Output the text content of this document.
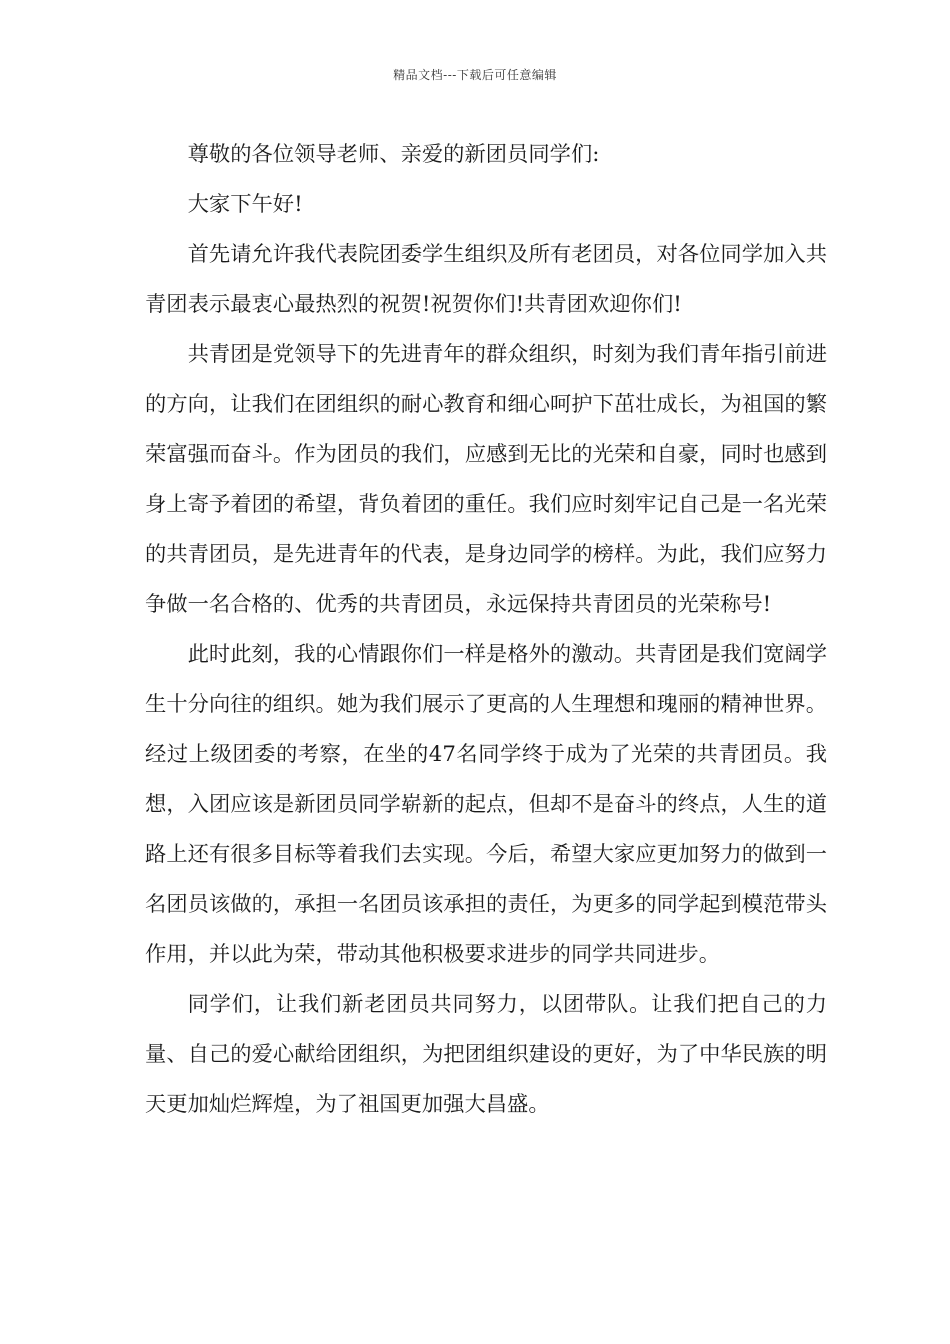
精品文档---下载后可任意编辑

尊敬的各位领导老师、亲爱的新团员同学们:

大家下午好!

首先请允许我代表院团委学生组织及所有老团员，对各位同学加入共青团表示最衷心最热烈的祝贺!祝贺你们!共青团欢迎你们!

共青团是党领导下的先进青年的群众组织，时刻为我们青年指引前进的方向，让我们在团组织的耐心教育和细心呵护下茁壮成长，为祖国的繁荣富强而奋斗。作为团员的我们，应感到无比的光荣和自豪，同时也感到身上寄予着团的希望，背负着团的重任。我们应时刻牢记自己是一名光荣的共青团员，是先进青年的代表，是身边同学的榜样。为此，我们应努力争做一名合格的、优秀的共青团员，永远保持共青团员的光荣称号!

此时此刻，我的心情跟你们一样是格外的激动。共青团是我们宽阔学生十分向往的组织。她为我们展示了更高的人生理想和瑰丽的精神世界。经过上级团委的考察，在坐的47名同学终于成为了光荣的共青团员。我想，入团应该是新团员同学崭新的起点，但却不是奋斗的终点，人生的道路上还有很多目标等着我们去实现。今后，希望大家应更加努力的做到一名团员该做的，承担一名团员该承担的责任，为更多的同学起到模范带头作用，并以此为荣，带动其他积极要求进步的同学共同进步。

同学们，让我们新老团员共同努力，以团带队。让我们把自己的力量、自己的爱心献给团组织，为把团组织建设的更好，为了中华民族的明天更加灿烂辉煌，为了祖国更加强大昌盛。
